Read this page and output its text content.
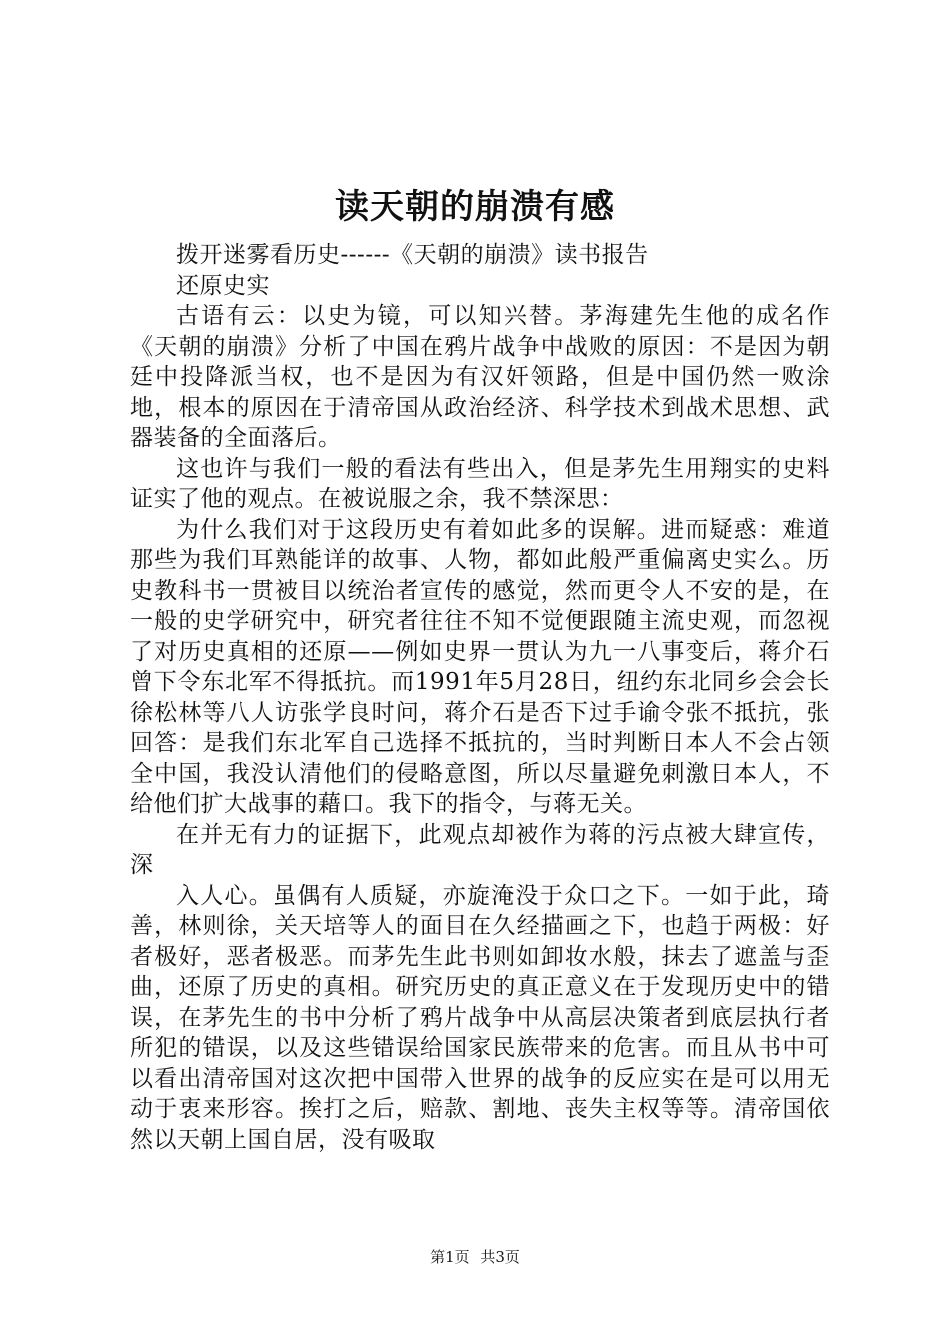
读天朝的崩溃有感

拨开迷雾看历史------《天朝的崩溃》读书报告

还原史实

古语有云：以史为镜，可以知兴替。茅海建先生他的成名作《天朝的崩溃》分析了中国在鸦片战争中战败的原因：不是因为朝廷中投降派当权，也不是因为有汉奸领路，但是中国仍然一败涂地，根本的原因在于清帝国从政治经济、科学技术到战术思想、武器装备的全面落后。

这也许与我们一般的看法有些出入，但是茅先生用翔实的史料证实了他的观点。在被说服之余，我不禁深思：

为什么我们对于这段历史有着如此多的误解。进而疑惑：难道那些为我们耳熟能详的故事、人物，都如此般严重偏离史实么。历史教科书一贯被目以统治者宣传的感觉，然而更令人不安的是，在一般的史学研究中，研究者往往不知不觉便跟随主流史观，而忽视了对历史真相的还原——例如史界一贯认为九一八事变后，蒋介石曾下令东北军不得抵抗。而1991年5月28日，纽约东北同乡会会长徐松林等八人访张学良时问，蒋介石是否下过手谕令张不抵抗，张回答：是我们东北军自己选择不抵抗的，当时判断日本人不会占领全中国，我没认清他们的侵略意图，所以尽量避免刺激日本人，不给他们扩大战事的藉口。我下的指令，与蒋无关。

在并无有力的证据下，此观点却被作为蒋的污点被大肆宣传，深

入人心。虽偶有人质疑，亦旋淹没于众口之下。一如于此，琦善，林则徐，关天培等人的面目在久经描画之下，也趋于两极：好者极好，恶者极恶。而茅先生此书则如卸妆水般，抹去了遮盖与歪曲，还原了历史的真相。研究历史的真正意义在于发现历史中的错误，在茅先生的书中分析了鸦片战争中从高层决策者到底层执行者所犯的错误，以及这些错误给国家民族带来的危害。而且从书中可以看出清帝国对这次把中国带入世界的战争的反应实在是可以用无动于衷来形容。挨打之后，赔款、割地、丧失主权等等。清帝国依然以天朝上国自居，没有吸取

第1页 共3页
